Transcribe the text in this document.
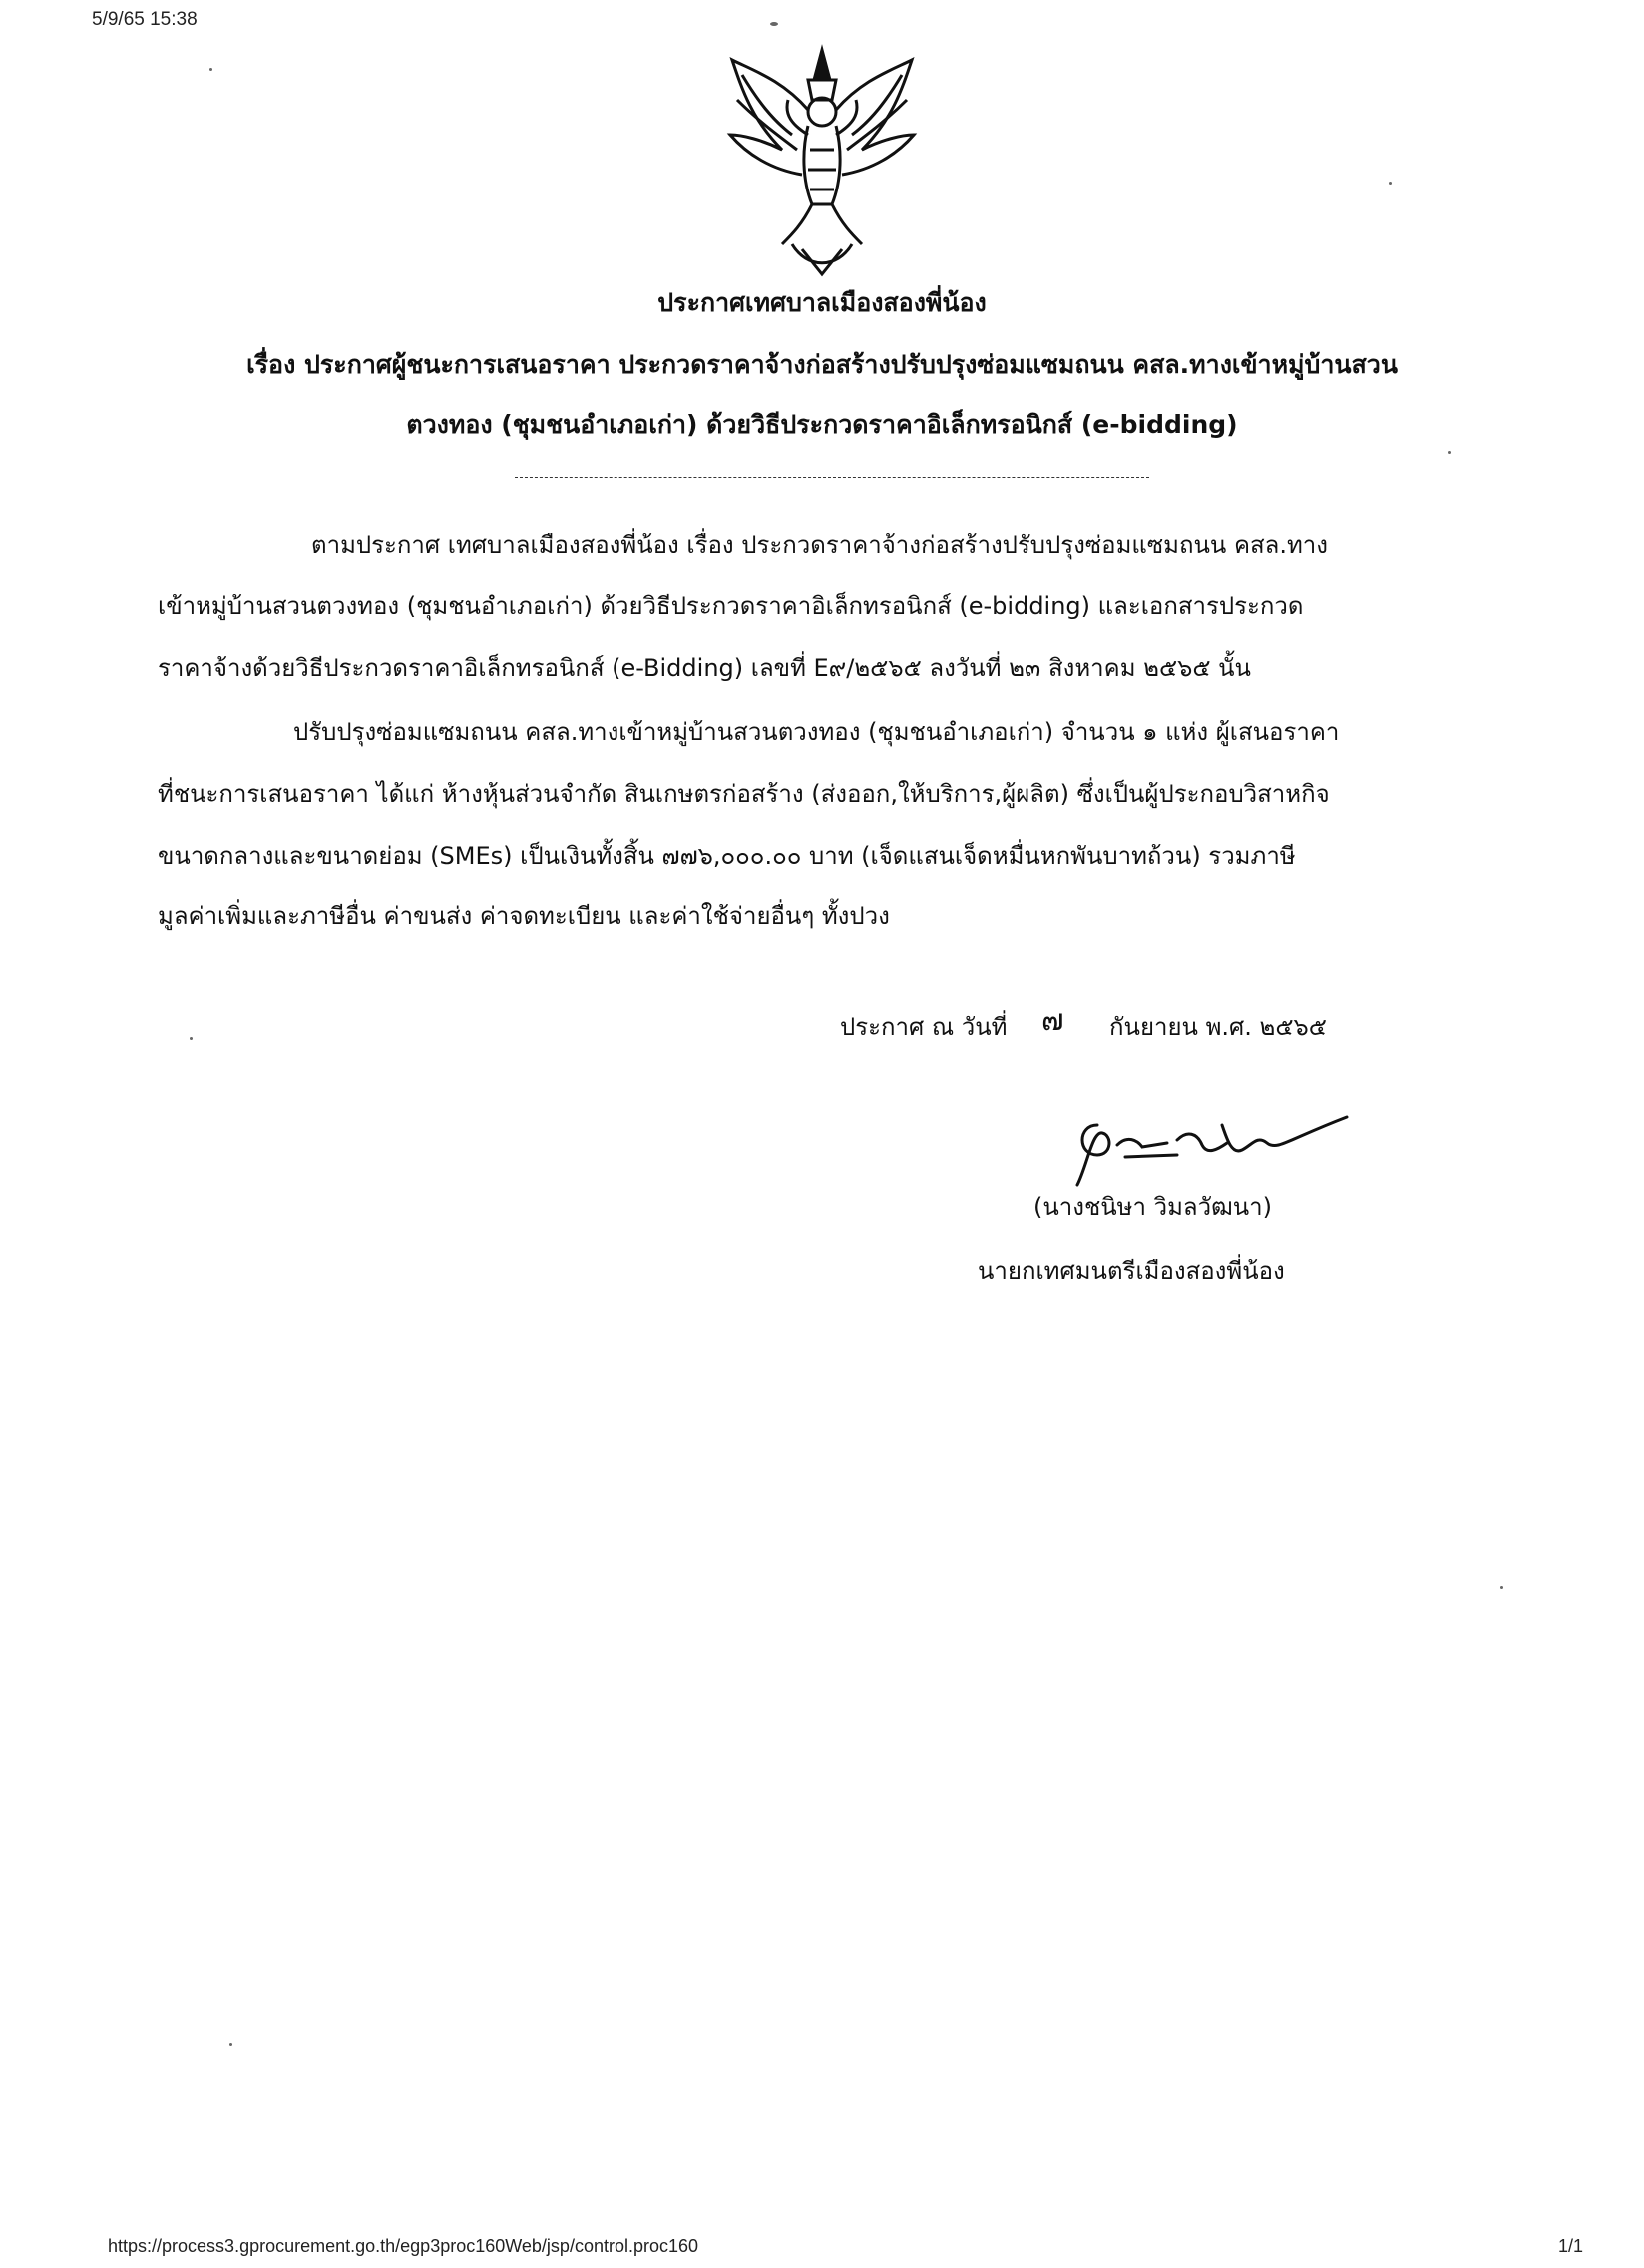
5/9/65 15:38
ประกาศเทศบาลเมืองสองพี่น้อง
เรื่อง ประกาศผู้ชนะการเสนอราคา ประกวดราคาจ้างก่อสร้างปรับปรุงซ่อมแซมถนน คสล.ทางเข้าหมู่บ้านสวน
ตวงทอง (ชุมชนอำเภอเก่า) ด้วยวิธีประกวดราคาอิเล็กทรอนิกส์ (e-bidding)
ตามประกาศ เทศบาลเมืองสองพี่น้อง เรื่อง ประกวดราคาจ้างก่อสร้างปรับปรุงซ่อมแซมถนน คสล.ทาง
เข้าหมู่บ้านสวนตวงทอง (ชุมชนอำเภอเก่า) ด้วยวิธีประกวดราคาอิเล็กทรอนิกส์ (e-bidding) และเอกสารประกวด
ราคาจ้างด้วยวิธีประกวดราคาอิเล็กทรอนิกส์ (e-Bidding) เลขที่ E๙/๒๕๖๕ ลงวันที่ ๒๓ สิงหาคม ๒๕๖๕ นั้น
ปรับปรุงซ่อมแซมถนน คสล.ทางเข้าหมู่บ้านสวนตวงทอง (ชุมชนอำเภอเก่า) จำนวน ๑ แห่ง ผู้เสนอราคา
ที่ชนะการเสนอราคา ได้แก่ ห้างหุ้นส่วนจำกัด สินเกษตรก่อสร้าง (ส่งออก,ให้บริการ,ผู้ผลิต) ซึ่งเป็นผู้ประกอบวิสาหกิจ
ขนาดกลางและขนาดย่อม (SMEs) เป็นเงินทั้งสิ้น ๗๗๖,๐๐๐.๐๐ บาท (เจ็ดแสนเจ็ดหมื่นหกพันบาทถ้วน) รวมภาษี
มูลค่าเพิ่มและภาษีอื่น ค่าขนส่ง ค่าจดทะเบียน และค่าใช้จ่ายอื่นๆ ทั้งปวง
ประกาศ ณ วันที่ ๗ กันยายน พ.ศ. ๒๕๖๕
(นางชนิษา วิมลวัฒนา)
นายกเทศมนตรีเมืองสองพี่น้อง
https://process3.gprocurement.go.th/egp3proc160Web/jsp/control.proc160	1/1
